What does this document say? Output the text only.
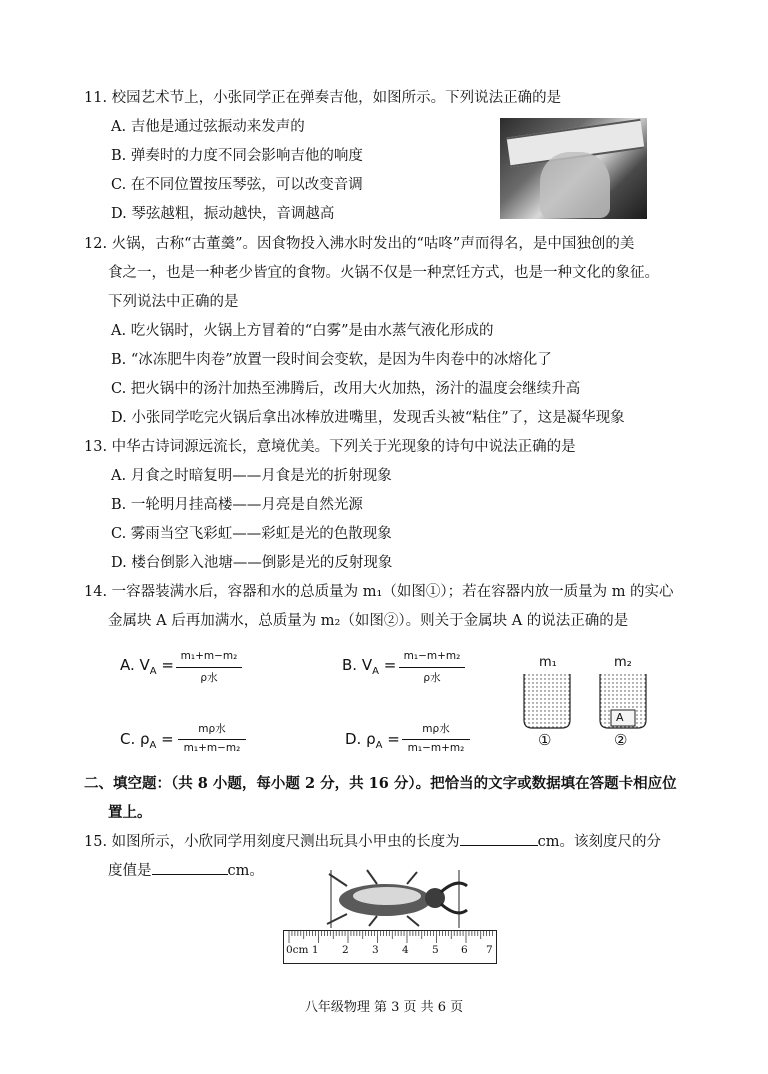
11. 校园艺术节上，小张同学正在弹奏吉他，如图所示。下列说法正确的是
A. 吉他是通过弦振动来发声的
B. 弹奏时的力度不同会影响吉他的响度
C. 在不同位置按压琴弦，可以改变音调
D. 琴弦越粗，振动越快，音调越高
12. 火锅，古称“古董羹”。因食物投入沸水时发出的“咕咚”声而得名，是中国独创的美
食之一，也是一种老少皆宜的食物。火锅不仅是一种烹饪方式，也是一种文化的象征。
下列说法中正确的是
A. 吃火锅时，火锅上方冒着的“白雾”是由水蒸气液化形成的
B. “冰冻肥牛肉卷”放置一段时间会变软，是因为牛肉卷中的冰熔化了
C. 把火锅中的汤汁加热至沸腾后，改用大火加热，汤汁的温度会继续升高
D. 小张同学吃完火锅后拿出冰棒放进嘴里，发现舌头被“粘住”了，这是凝华现象
13. 中华古诗词源远流长，意境优美。下列关于光现象的诗句中说法正确的是
A. 月食之时暗复明——月食是光的折射现象
B. 一轮明月挂高楼——月亮是自然光源
C. 雾雨当空飞彩虹——彩虹是光的色散现象
D. 楼台倒影入池塘——倒影是光的反射现象
14. 一容器装满水后，容器和水的总质量为 m₁（如图①）；若在容器内放一质量为 m 的实心
金属块 A 后再加满水，总质量为 m₂（如图②）。则关于金属块 A 的说法正确的是
A. $V_A = m_1+m-m_2$
ρ水
B. $V_A = m_1-m+m_2$
ρ水
C. $\rho_A$ =
mρ水
m₁+m−m₂	D. $\rho_A$ =
mρ水
m₁−m+m₂
m₁	m₂
A
①	②
二、填空题：（共 8 小题，每小题 2 分，共 16 分）。把恰当的文字或数据填在答题卡相应位
置上。
15. 如图所示，小欣同学用刻度尺测出玩具小甲虫的长度为	cm。该刻度尺的分
度值是	cm。
0cm 1 2 3 4 5 6 7
八年级物理 第 3 页 共 6 页
